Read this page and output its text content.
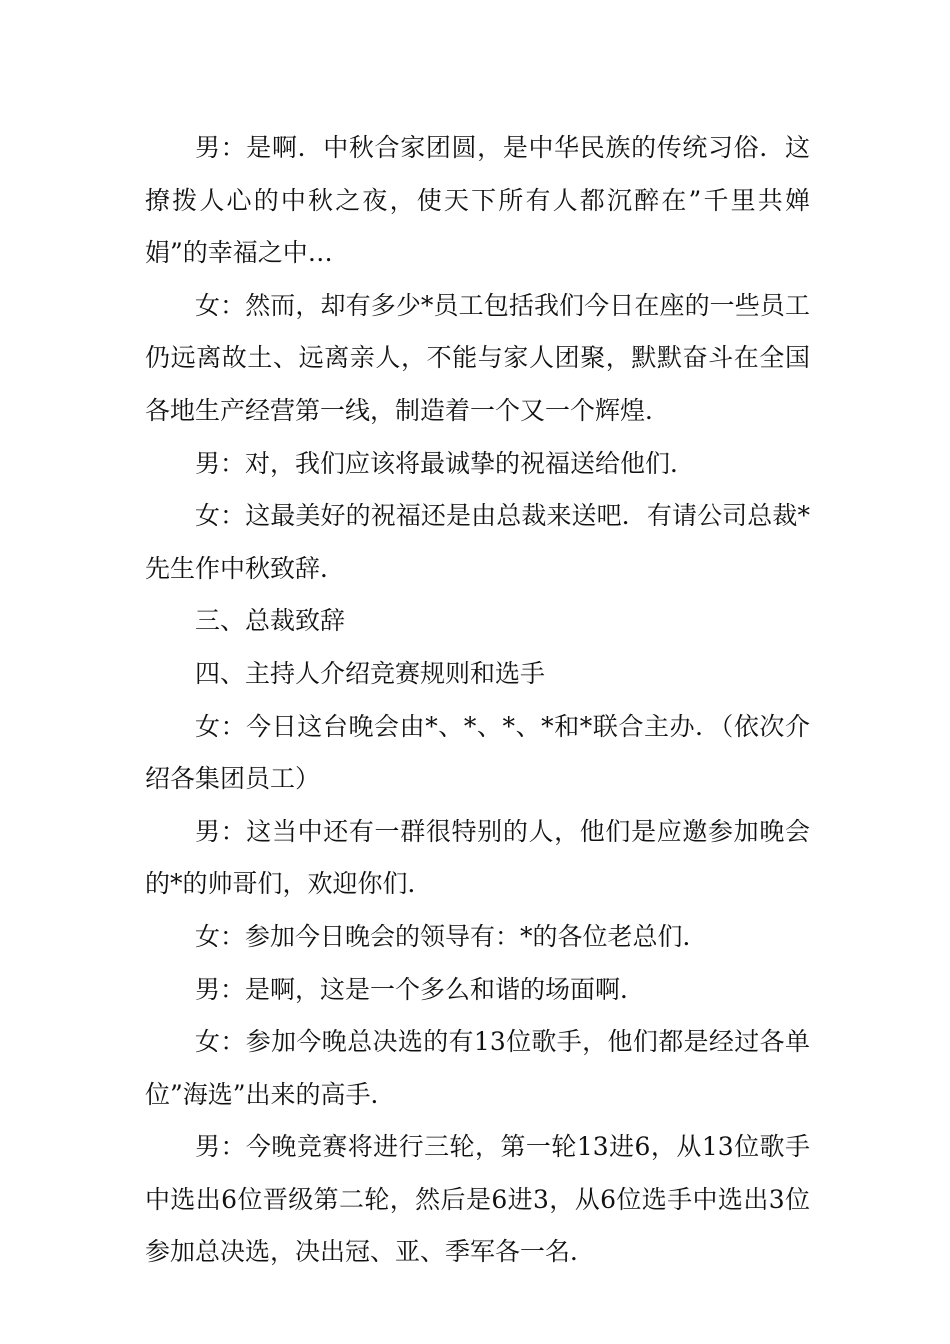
男：是啊．中秋合家团圆，是中华民族的传统习俗．这撩拨人心的中秋之夜，使天下所有人都沉醉在”千里共婵娟”的幸福之中…

女：然而，却有多少*员工包括我们今日在座的一些员工仍远离故土、远离亲人，不能与家人团聚，默默奋斗在全国各地生产经营第一线，制造着一个又一个辉煌．

男：对，我们应该将最诚挚的祝福送给他们．

女：这最美好的祝福还是由总裁来送吧．有请公司总裁*先生作中秋致辞．

三、总裁致辞

四、主持人介绍竞赛规则和选手

女：今日这台晚会由*、*、*、*和*联合主办．（依次介绍各集团员工）

男：这当中还有一群很特别的人，他们是应邀参加晚会的*的帅哥们，欢迎你们．

女：参加今日晚会的领导有：*的各位老总们．

男：是啊，这是一个多么和谐的场面啊．

女：参加今晚总决选的有13位歌手，他们都是经过各单位”海选”出来的高手．

男：今晚竞赛将进行三轮，第一轮13进6，从13位歌手中选出6位晋级第二轮，然后是6进3，从6位选手中选出3位参加总决选，决出冠、亚、季军各一名．
